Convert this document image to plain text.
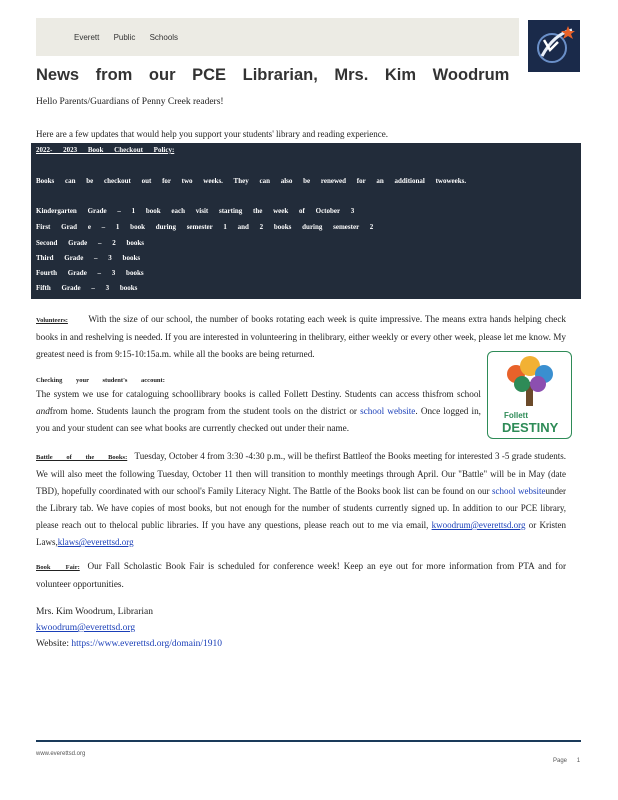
Everett Public Schools
News from our PCE Librarian, Mrs. Kim Woodrum

Hello Parents/Guardians of Penny Creek readers!

Here are a few updates that would help you support your students' library and reading experience.

2022- 2023 Book Checkout Policy:
Books can be checkout out for two weeks. They can also be renewed for an additional twoweeks.
Kindergarten Grade – 1 book each visit starting the week of October 3
First Grad e – 1 book during semester 1 and 2 books during semester 2
Second Grade – 2 books
Third Grade – 3 books
Fourth Grade – 3 books
Fifth Grade – 3 books

Volunteers: With the size of our school, the number of books rotating each week is quite impressive. The means extra hands helping check books in and reshelving is needed. If you are interested in volunteering in thelibrary, either weekly or every other week, please let me know. My greatest need is from 9:15-10:15a.m. while all the books are being returned.

Follett
DESTINY
Checking your student's account:

The system we use for cataloguing schoollibrary books is called Follett Destiny. Students can access thisfrom school andfrom home. Students launch the program from the student tools on the district or school website. Once logged in, you and your student can see what books are currently checked out under their name.

Battle of the Books: Tuesday, October 4 from 3:30 -4:30 p.m., will be thefirst Battleof the Books meeting for interested 3 -5 grade students. We will also meet the following Tuesday, October 11 then will transition to monthly meetings through April. Our "Battle" will be in May (date TBD), hopefully coordinated with our school's Family Literacy Night. The Battle of the Books book list can be found on our school websiteunder the Library tab. We have copies of most books, but not enough for the number of students currently signed up. In addition to our PCE library, please reach out to thelocal public libraries. If you have any questions, please reach out to me via email, kwoodrum@everettsd.org or Kristen Laws,klaws@everettsd.org

Book Fair: Our Fall Scholastic Book Fair is scheduled for conference week! Keep an eye out for more information from PTA and for volunteer opportunities.

Mrs. Kim Woodrum, Librarian

kwoodrum@everettsd.org

Website: https://www.everettsd.org/domain/1910

www.everettsd.org
Page 1
